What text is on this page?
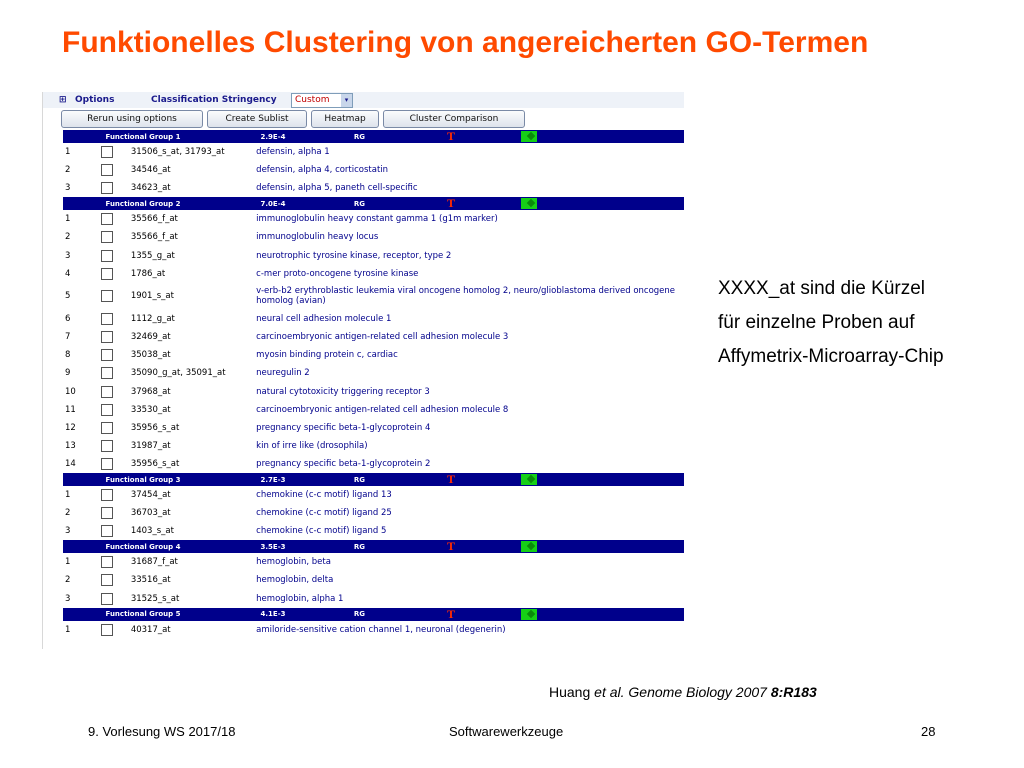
Funktionelles Clustering von angereicherten GO-Termen
⊞ Options	Classification Stringency	Custom	▾
Rerun using options	Create Sublist	Heatmap	Cluster Comparison
Functional Group 1	2.9E-4	RG	T
1	31506_s_at, 31793_at	defensin, alpha 1
2	34546_at	defensin, alpha 4, corticostatin
3	34623_at	defensin, alpha 5, paneth cell-specific
Functional Group 2	7.0E-4	RG	T
1	35566_f_at	immunoglobulin heavy constant gamma 1 (g1m marker)
2	35566_f_at	immunoglobulin heavy locus
3	1355_g_at	neurotrophic tyrosine kinase, receptor, type 2
4	1786_at	c-mer proto-oncogene tyrosine kinase
5	1901_s_at	v-erb-b2 erythroblastic leukemia viral oncogene homolog 2, neuro/glioblastoma derived oncogene homolog (avian)
6	1112_g_at	neural cell adhesion molecule 1
7	32469_at	carcinoembryonic antigen-related cell adhesion molecule 3
8	35038_at	myosin binding protein c, cardiac
9	35090_g_at, 35091_at	neuregulin 2
10	37968_at	natural cytotoxicity triggering receptor 3
11	33530_at	carcinoembryonic antigen-related cell adhesion molecule 8
12	35956_s_at	pregnancy specific beta-1-glycoprotein 4
13	31987_at	kin of irre like (drosophila)
14	35956_s_at	pregnancy specific beta-1-glycoprotein 2
Functional Group 3	2.7E-3	RG	T
1	37454_at	chemokine (c-c motif) ligand 13
2	36703_at	chemokine (c-c motif) ligand 25
3	1403_s_at	chemokine (c-c motif) ligand 5
Functional Group 4	3.5E-3	RG	T
1	31687_f_at	hemoglobin, beta
2	33516_at	hemoglobin, delta
3	31525_s_at	hemoglobin, alpha 1
Functional Group 5	4.1E-3	RG	T
1	40317_at	amiloride-sensitive cation channel 1, neuronal (degenerin)
XXXX_at sind die Kürzel
für einzelne Proben auf
Affymetrix-Microarray-Chip
Huang et al. Genome Biology 2007 8:R183
9. Vorlesung WS 2017/18	Softwarewerkzeuge	28
